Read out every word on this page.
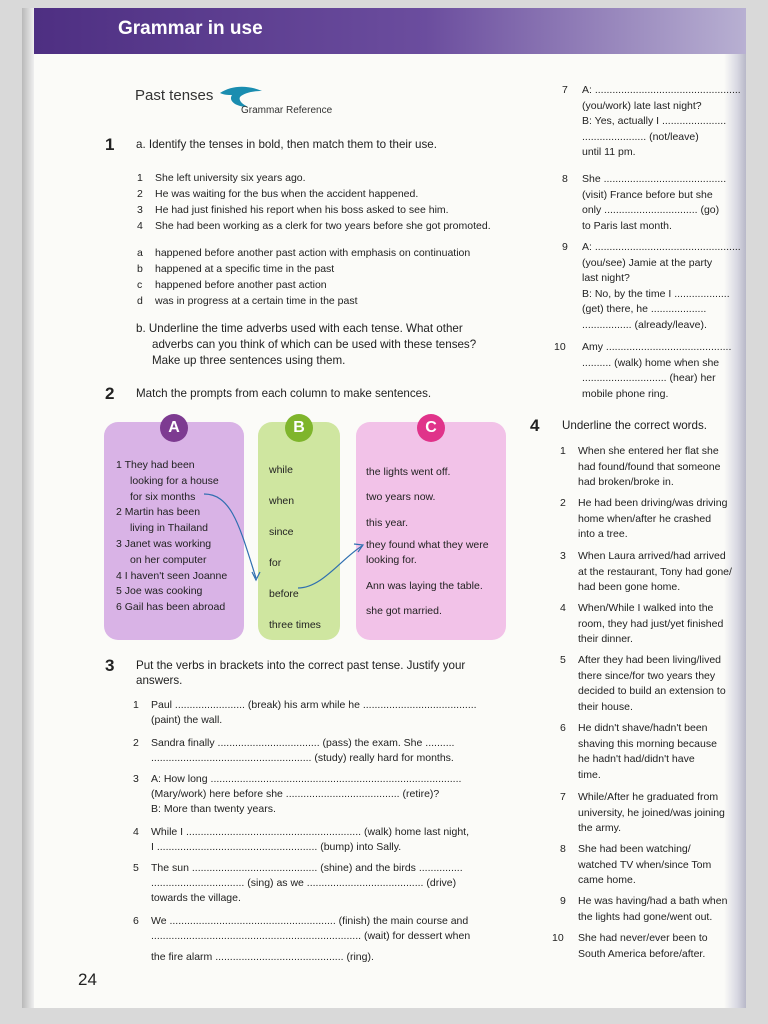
Grammar in use
Past tenses
Grammar Reference
1 a. Identify the tenses in bold, then match them to their use.
1 She left university six years ago.
2 He was waiting for the bus when the accident happened.
3 He had just finished his report when his boss asked to see him.
4 She had been working as a clerk for two years before she got promoted.
a happened before another past action with emphasis on continuation
b happened at a specific time in the past
c happened before another past action
d was in progress at a certain time in the past
b. Underline the time adverbs used with each tense. What other
adverbs can you think of which can be used with these tenses?
Make up three sentences using them.
2 Match the prompts from each column to make sentences.
A	B	C
1 They had been
looking for a house
for six months
2 Martin has been
living in Thailand
3 Janet was working
on her computer
4 I haven't seen Joanne
5 Joe was cooking
6 Gail has been abroad
while
when
since
for
before
three times
the lights went off.
two years now.
this year.
they found what they were
looking for.
Ann was laying the table.
she got married.
3 Put the verbs in brackets into the correct past tense. Justify your
answers.
1 Paul ........................ (break) his arm while he .......................................
(paint) the wall.
2 Sandra finally ................................... (pass) the exam. She ..........
....................................................... (study) really hard for months.
3 A: How long ......................................................................................
(Mary/work) here before she ....................................... (retire)?
B: More than twenty years.
4 While I ............................................................ (walk) home last night,
I ....................................................... (bump) into Sally.
5 The sun ........................................... (shine) and the birds ...............
................................ (sing) as we ........................................ (drive)
towards the village.
6 We ......................................................... (finish) the main course and
........................................................................ (wait) for dessert when
the fire alarm ............................................ (ring).
7 A: ..................................................
(you/work) late last night?
B: Yes, actually I ......................
...................... (not/leave)
until 11 pm.
8 She ..........................................
(visit) France before but she
only ................................ (go)
to Paris last month.
9 A: ..................................................
(you/see) Jamie at the party
last night?
B: No, by the time I ...................
(get) there, he ...................
................. (already/leave).
10 Amy ...........................................
.......... (walk) home when she
............................. (hear) her
mobile phone ring.
4 Underline the correct words.
1 When she entered her flat she
had found/found that someone
had broken/broke in.
2 He had been driving/was driving
home when/after he crashed
into a tree.
3 When Laura arrived/had arrived
at the restaurant, Tony had gone/
had been gone home.
4 When/While I walked into the
room, they had just/yet finished
their dinner.
5 After they had been living/lived
there since/for two years they
decided to build an extension to
their house.
6 He didn't shave/hadn't been
shaving this morning because
he hadn't had/didn't have
time.
7 While/After he graduated from
university, he joined/was joining
the army.
8 She had been watching/
watched TV when/since Tom
came home.
9 He was having/had a bath when
the lights had gone/went out.
10 She had never/ever been to
South America before/after.
24
